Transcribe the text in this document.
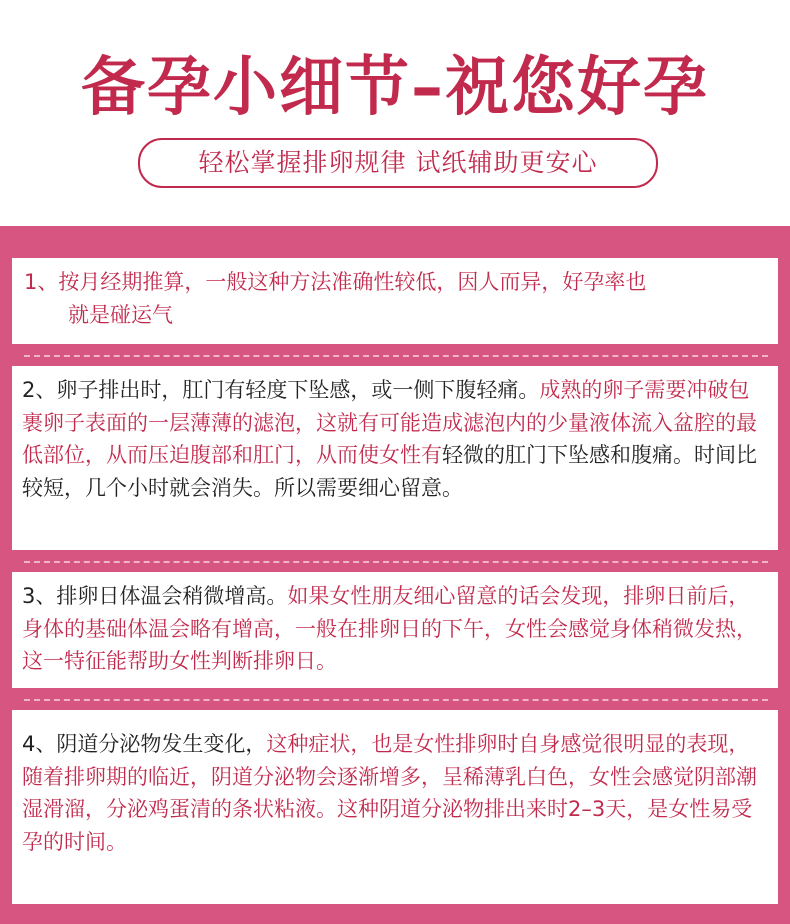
备孕小细节–祝您好孕
轻松掌握排卵规律 试纸辅助更安心
1、按月经期推算，一般这种方法准确性较低，因人而异，好孕率也
就是碰运气
2、卵子排出时，肛门有轻度下坠感，或一侧下腹轻痛。成熟的卵子需要冲破包裹卵子表面的一层薄薄的滤泡，这就有可能造成滤泡内的少量液体流入盆腔的最低部位，从而压迫腹部和肛门，从而使女性有轻微的肛门下坠感和腹痛。时间比较短，几个小时就会消失。所以需要细心留意。
3、排卵日体温会稍微增高。如果女性朋友细心留意的话会发现，排卵日前后，身体的基础体温会略有增高，一般在排卵日的下午，女性会感觉身体稍微发热，这一特征能帮助女性判断排卵日。
4、阴道分泌物发生变化，这种症状，也是女性排卵时自身感觉很明显的表现，随着排卵期的临近，阴道分泌物会逐渐增多，呈稀薄乳白色，女性会感觉阴部潮湿滑溜，分泌鸡蛋清的条状粘液。这种阴道分泌物排出来时2–3天，是女性易受孕的时间。
